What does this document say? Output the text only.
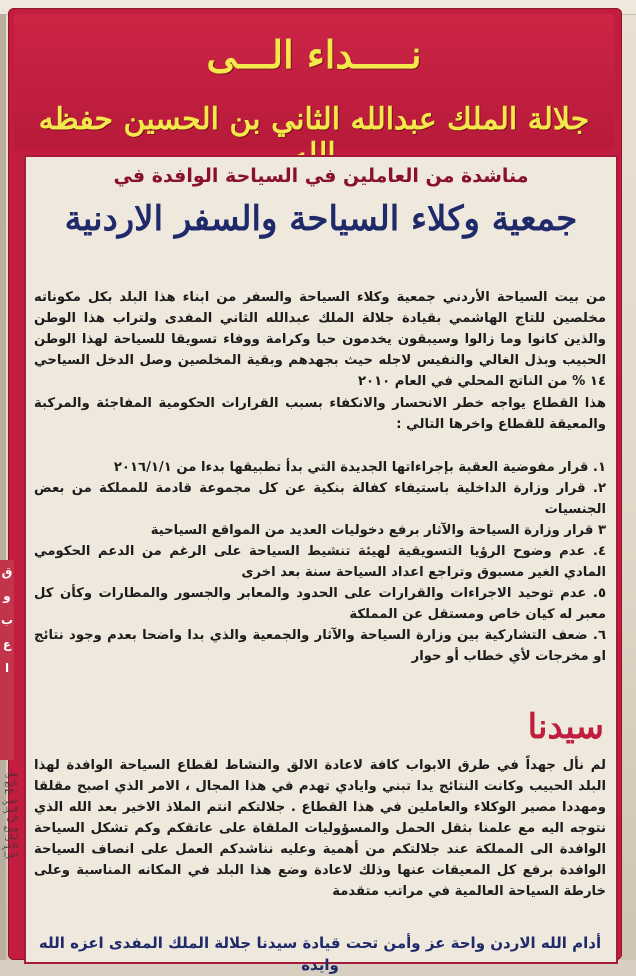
نـــــداء الـــى
جلالة الملك عبدالله الثاني بن الحسين حفظه
مناشدة من العاملين في السياحة الوافدة في
جمعية وكلاء السياحة والسفر الاردنية
من بيت السياحة الأردني جمعية وكلاء السياحة والسفر من ابناء هذا البلد بكل مكوناته مخلصين للتاج الهاشمي بقيادة جلالة الملك عبدالله الثاني المفدى ولتراب هذا الوطن والذين كانوا وما زالوا وسيبقون يخدمون حبا وكرامة ووفاء تسويقا للسياحة لهذا الوطن الحبيب وبذل الغالي والنفيس لاجله حيث بجهدهم وبقية المخلصين وصل الدخل السياحي ١٤ % من الناتج المحلي في العام ٢٠١٠
هذا القطاع يواجه خطر الانحسار والانكفاء بسبب القرارات الحكومية المفاجئة والمركبة والمعيقة للقطاع واخرها التالي :
١. قرار مفوضية العقبة بإجراءاتها الجديدة التي بدأ تطبيقها بدءا من ٢٠١٦/١/١
٢. قرار وزارة الداخلية باستيفاء كفالة بنكية عن كل مجموعة قادمة للمملكة من بعض الجنسيات
٣ قرار وزارة السياحة والآثار برفع دخوليات العديد من المواقع السياحية
٤. عدم وضوح الرؤيا التسويقية لهيئة تنشيط السياحة على الرغم من الدعم الحكومي المادي الغير مسبوق وتراجع اعداد السياحة سنة بعد اخرى
٥. عدم توحيد الاجراءات والقرارات على الحدود والمعابر والجسور والمطارات وكأن كل معبر له كيان خاص ومستقل عن المملكة
٦. ضعف التشاركية بين وزارة السياحة والآثار والجمعية والذي بدا واضحا بعدم وجود نتائج او مخرجات لأي خطاب أو حوار
سيدنا
لم نأل جهداً في طرق الابواب كافة لاعادة الالق والنشاط لقطاع السياحة الوافدة لهذا البلد الحبيب وكانت النتائج يدا تبني وايادي تهدم في هذا المجال ، الامر الذي اصبح مقلقا ومهددا مصير الوكلاء والعاملين في هذا القطاع . جلالتكم انتم الملاذ الاخير بعد الله الذي نتوجه اليه مع علمنا بثقل الحمل والمسؤوليات الملقاة على عاتقكم وكم تشكل السياحة الوافدة الى المملكة عند جلالتكم من أهمية وعليه نناشدكم العمل على انصاف السياحة الوافدة برفع كل المعيقات عنها وذلك لاعادة وضع هذا البلد في المكانه المناسبة وعلى خارطة السياحة العالمية في مراتب متقدمة
أدام الله الاردن واحة عز وأمن تحت قيادة سيدنا جلالة الملك المفدى اعزه الله وايده
ق
و
ب
ع
ا
يعلن
تاريخ
٣/٢٠
خسن
لاصل
الرة
وروع
ليكن
الاعتر
اعترا
